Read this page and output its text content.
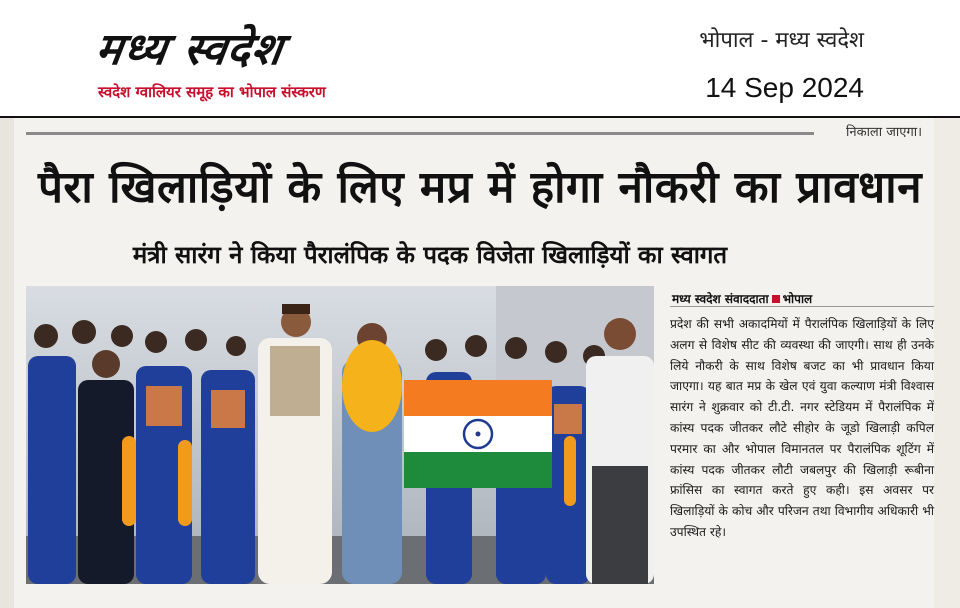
मध्य स्वदेश
स्वदेश ग्वालियर समूह का भोपाल संस्करण
भोपाल - मध्य स्वदेश
14 Sep 2024
निकाला जाएगा।
पैरा खिलाड़ियों के लिए मप्र में होगा नौकरी का प्रावधान
मंत्री सारंग ने किया पैरालंपिक के पदक विजेता खिलाड़ियों का स्वागत
मध्य स्वदेश संवाददाता भोपाल
प्रदेश की सभी अकादमियों में पैरालंपिक खिलाड़ियों के लिए अलग से विशेष सीट की व्यवस्था की जाएगी। साथ ही उनके लिये नौकरी के साथ विशेष बजट का भी प्रावधान किया जाएगा। यह बात मप्र के खेल एवं युवा कल्याण मंत्री विश्वास सारंग ने शुक्रवार को टी.टी. नगर स्टेडियम में पैरालंपिक में कांस्य पदक जीतकर लौटे सीहोर के जूडो खिलाड़ी कपिल परमार का और भोपाल विमानतल पर पैरालंपिक शूटिंग में कांस्य पदक जीतकर लौटी जबलपुर की खिलाड़ी रूबीना फ्रांसिस का स्वागत करते हुए कही। इस अवसर पर खिलाड़ियों के कोच और परिजन तथा विभागीय अधिकारी भी उपस्थित रहे।
